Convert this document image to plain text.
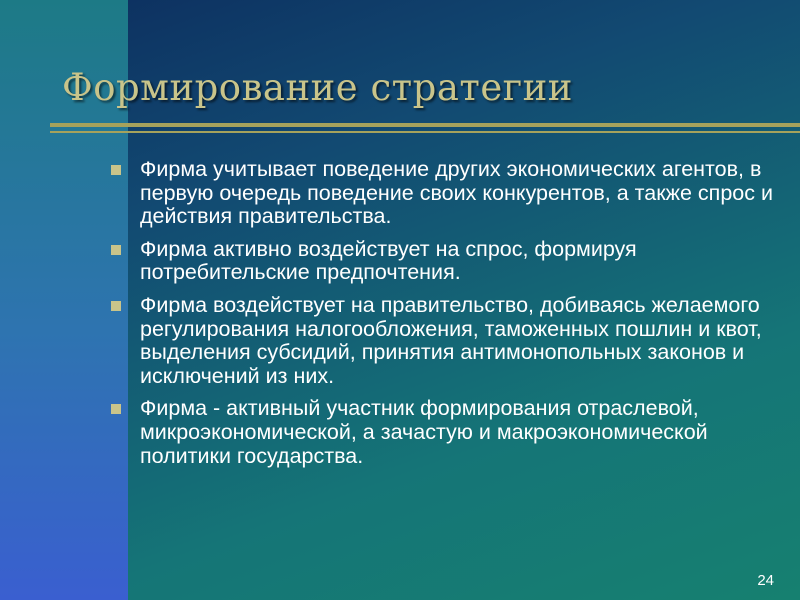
Формирование стратегии
Фирма учитывает поведение других экономических агентов, в первую очередь поведение своих конкурентов, а также спрос и действия правительства.
Фирма активно воздействует на спрос, формируя потребительские предпочтения.
Фирма воздействует на правительство, добиваясь желаемого регулирования налогообложения, таможенных пошлин и квот, выделения субсидий, принятия антимонопольных законов и исключений из них.
Фирма - активный участник формирования отраслевой, микроэкономической, а зачастую и макроэкономической политики государства.
24
